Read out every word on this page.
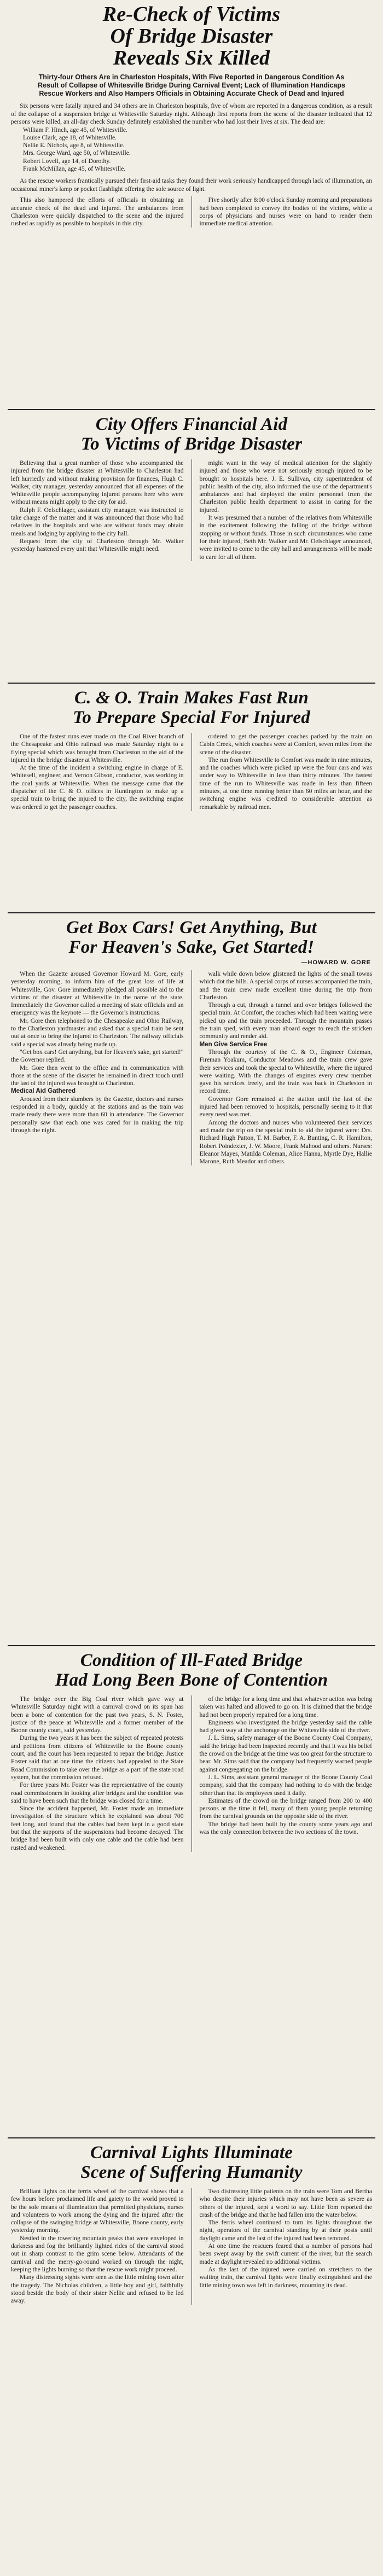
Re-Check of Victims
Of Bridge Disaster
Reveals Six Killed

Thirty-four Others Are in Charleston Hospitals, With Five Reported in Dangerous Condition As Result of Collapse of Whitesville Bridge During Carnival Event; Lack of Illumination Handicaps Rescue Workers and Also Hampers Officials in Obtaining Accurate Check of Dead and Injured

Six persons were fatally injured and 34 others are in Charleston hospitals, five of whom are reported in a dangerous condition, as a result of the collapse of a suspension bridge at Whitesville Saturday night. Although first reports from the scene of the disaster indicated that 12 persons were killed, an all-day check Sunday definitely established the number who had lost their lives at six. The dead are:

William F. Hinch, age 45, of Whitesville.
Louise Clark, age 18, of Whitesville.
Nellie E. Nichols, age 8, of Whitesville.
Mrs. George Ward, age 50, of Whitesville.
Robert Lovell, age 14, of Dorothy.
Frank McMillan, age 45, of Whitesville.

As the rescue workers frantically pursued their first-aid tasks they found their work seriously handicapped through lack of illumination, an occasional miner's lamp or pocket flashlight offering the sole source of light.

This also hampered the efforts of officials in obtaining an accurate check of the dead and injured. The ambulances from Charleston were quickly dispatched to the scene and the injured rushed as rapidly as possible to hospitals in this city.

Five shortly after 8:00 o'clock Sunday morning and preparations had been completed to convey the bodies of the victims, while a corps of physicians and nurses were on hand to render them immediate medical attention.

City Offers Financial Aid
To Victims of Bridge Disaster

Believing that a great number of those who accompanied the injured from the bridge disaster at Whitesville to Charleston had left hurriedly and without making provision for finances, Hugh C. Walker, city manager, yesterday announced that all expenses of the Whitesville people accompanying injured persons here who were without means might apply to the city for aid.

Ralph F. Oelschlager, assistant city manager, was instructed to take charge of the matter and it was announced that those who had relatives in the hospitals and who are without funds may obtain meals and lodging by applying to the city hall.

Request from the city of Charleston through Mr. Walker yesterday hastened every unit that Whitesville might need.

might want in the way of medical attention for the slightly injured and those who were not seriously enough injured to be brought to hospitals here. J. E. Sullivan, city superintendent of public health of the city, also informed the use of the department's ambulances and had deployed the entire personnel from the Charleston public health department to assist in caring for the injured.

It was presumed that a number of the relatives from Whitesville in the excitement following the falling of the bridge without stopping or without funds. Those in such circumstances who came for their injured, Beth Mr. Walker and Mr. Oelschlager announced, were invited to come to the city hall and arrangements will be made to care for all of them.

C. & O. Train Makes Fast Run
To Prepare Special For Injured

One of the fastest runs ever made on the Coal River branch of the Chesapeake and Ohio railroad was made Saturday night to a flying special which was brought from Charleston to the aid of the injured in the bridge disaster at Whitesville.

At the time of the incident a switching engine in charge of E. Whitesell, engineer, and Vernon Gibson, conductor, was working in the coal yards at Whitesville. When the message came that the dispatcher of the C. & O. offices in Huntington to make up a special train to bring the injured to the city, the switching engine was ordered to get the passenger coaches.

ordered to get the passenger coaches parked by the train on Cabin Creek, which coaches were at Comfort, seven miles from the scene of the disaster.

The run from Whitesville to Comfort was made in nine minutes, and the coaches which were picked up were the four cars and was under way to Whitesville in less than thirty minutes. The fastest time of the run to Whitesville was made in less than fifteen minutes, at one time running better than 60 miles an hour, and the switching engine was credited to considerable attention as remarkable by railroad men.

Get Box Cars! Get Anything, But
For Heaven's Sake, Get Started!
—HOWARD W. GORE

When the Gazette aroused Governor Howard M. Gore, early yesterday morning, to inform him of the great loss of life at Whitesville, Gov. Gore immediately pledged all possible aid to the victims of the disaster at Whitesville in the name of the state. Immediately the Governor called a meeting of state officials and an emergency was the keynote — the Governor's instructions.

Mr. Gore then telephoned to the Chesapeake and Ohio Railway, to the Charleston yardmaster and asked that a special train be sent out at once to bring the injured to Charleston. The railway officials said a special was already being made up.

"Get box cars! Get anything, but for Heaven's sake, get started!" the Governor replied.

Mr. Gore then went to the office and in communication with those at the scene of the disaster he remained in direct touch until the last of the injured was brought to Charleston.

Medical Aid Gathered

Aroused from their slumbers by the Gazette, doctors and nurses responded in a body, quickly at the stations and as the train was made ready there were more than 60 in attendance. The Governor personally saw that each one was cared for in making the trip through the night.

walk while down below glistened the lights of the small towns which dot the hills. A special corps of nurses accompanied the train, and the train crew made excellent time during the trip from Charleston.

Through a cut, through a tunnel and over bridges followed the special train. At Comfort, the coaches which had been waiting were picked up and the train proceeded. Through the mountain passes the train sped, with every man aboard eager to reach the stricken community and render aid.

Men Give Service Free

Through the courtesy of the C. & O., Engineer Coleman, Fireman Yoakum, Conductor Meadows and the train crew gave their services and took the special to Whitesville, where the injured were waiting. With the changes of engines every crew member gave his services freely, and the train was back in Charleston in record time.

Governor Gore remained at the station until the last of the injured had been removed to hospitals, personally seeing to it that every need was met.

Among the doctors and nurses who volunteered their services and made the trip on the special train to aid the injured were: Drs. Richard Hugh Patton, T. M. Barber, F. A. Bunting, C. R. Hamilton, Robert Poindexter, J. W. Moore, Frank Mahood and others. Nurses: Eleanor Mayes, Matilda Coleman, Alice Hanna, Myrtle Dye, Hallie Marone, Ruth Meador and others.

Condition of Ill-Fated Bridge
Had Long Been Bone of Contention

The bridge over the Big Coal river which gave way at Whitesville Saturday night with a carnival crowd on its span has been a bone of contention for the past two years, S. N. Foster, justice of the peace at Whitesville and a former member of the Boone county court, said yesterday.

During the two years it has been the subject of repeated protests and petitions from citizens of Whitesville to the Boone county court, and the court has been requested to repair the bridge. Justice Foster said that at one time the citizens had appealed to the State Road Commission to take over the bridge as a part of the state road system, but the commission refused.

For three years Mr. Foster was the representative of the county road commissioners in looking after bridges and the condition was said to have been such that the bridge was closed for a time.

Since the accident happened, Mr. Foster made an immediate investigation of the structure which he explained was about 700 feet long, and found that the cables had been kept in a good state but that the supports of the suspensions had become decayed. The bridge had been built with only one cable and the cable had been rusted and weakened.

of the bridge for a long time and that whatever action was being taken was halted and allowed to go on. It is claimed that the bridge had not been properly repaired for a long time.

Engineers who investigated the bridge yesterday said the cable had given way at the anchorage on the Whitesville side of the river.

J. L. Sims, safety manager of the Boone County Coal Company, said the bridge had been inspected recently and that it was his belief the crowd on the bridge at the time was too great for the structure to bear. Mr. Sims said that the company had frequently warned people against congregating on the bridge.

J. L. Sims, assistant general manager of the Boone County Coal company, said that the company had nothing to do with the bridge other than that its employees used it daily.

Estimates of the crowd on the bridge ranged from 200 to 400 persons at the time it fell, many of them young people returning from the carnival grounds on the opposite side of the river.

The bridge had been built by the county some years ago and was the only connection between the two sections of the town.

Carnival Lights Illuminate
Scene of Suffering Humanity

Brilliant lights on the ferris wheel of the carnival shows that a few hours before proclaimed life and gaiety to the world proved to be the sole means of illumination that permitted physicians, nurses and volunteers to work among the dying and the injured after the collapse of the swinging bridge at Whitesville, Boone county, early yesterday morning.

Nestled in the towering mountain peaks that were enveloped in darkness and fog the brilliantly lighted rides of the carnival stood out in sharp contrast to the grim scene below. Attendants of the carnival and the merry-go-round worked on through the night, keeping the lights burning so that the rescue work might proceed.

Many distressing sights were seen as the little mining town after the tragedy. The Nicholas children, a little boy and girl, faithfully stood beside the body of their sister Nellie and refused to be led away.

Two distressing little patients on the train were Tom and Bertha who despite their injuries which may not have been as severe as others of the injured, kept a word to say. Little Tom reported the crash of the bridge and that he had fallen into the water below.

The ferris wheel continued to turn its lights throughout the night, operators of the carnival standing by at their posts until daylight came and the last of the injured had been removed.

At one time the rescuers feared that a number of persons had been swept away by the swift current of the river, but the search made at daylight revealed no additional victims.

As the last of the injured were carried on stretchers to the waiting train, the carnival lights were finally extinguished and the little mining town was left in darkness, mourning its dead.
